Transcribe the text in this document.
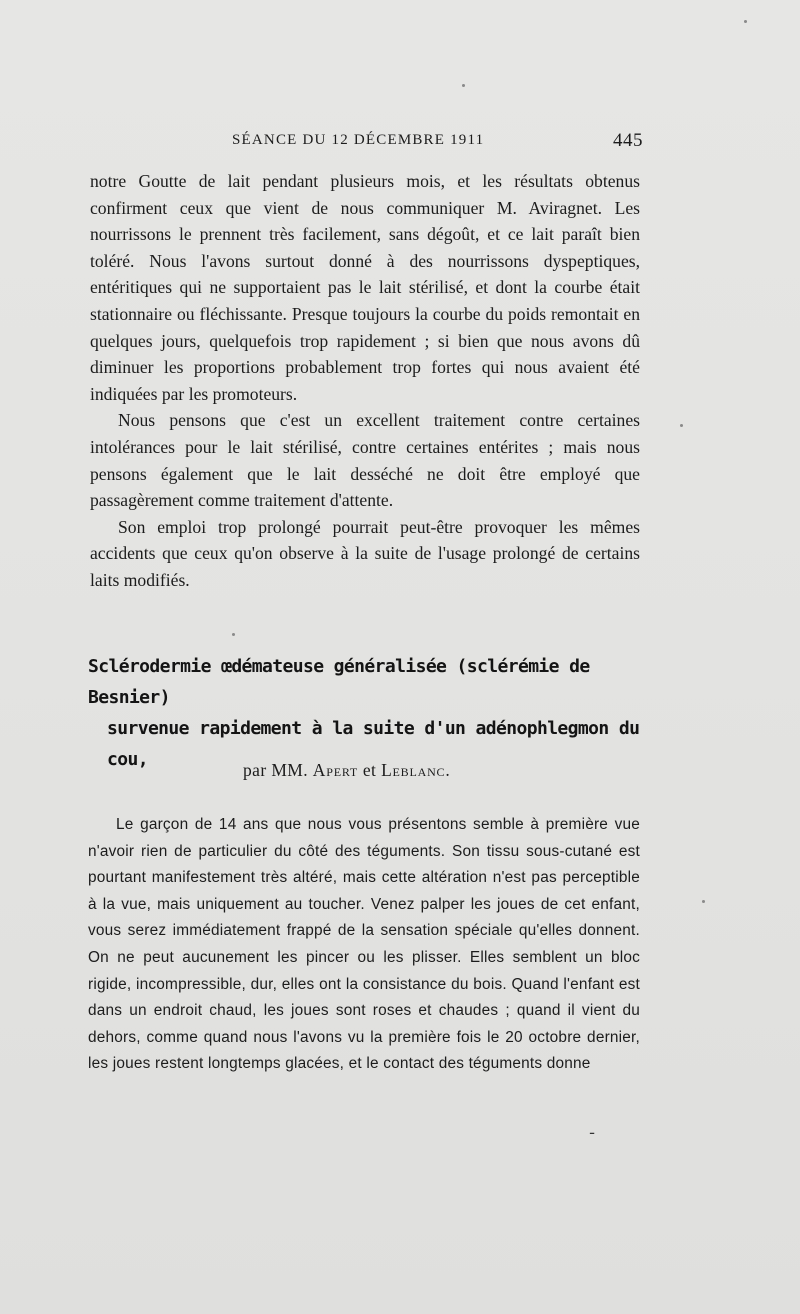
SÉANCE DU 12 DÉCEMBRE 1911	445

notre Goutte de lait pendant plusieurs mois, et les résultats obtenus confirment ceux que vient de nous communiquer M. Aviragnet. Les nourrissons le prennent très facilement, sans dégoût, et ce lait paraît bien toléré. Nous l'avons surtout donné à des nourrissons dyspeptiques, entéritiques qui ne supportaient pas le lait stérilisé, et dont la courbe était stationnaire ou fléchissante. Presque toujours la courbe du poids remontait en quelques jours, quelquefois trop rapidement ; si bien que nous avons dû diminuer les proportions probablement trop fortes qui nous avaient été indiquées par les promoteurs.

Nous pensons que c'est un excellent traitement contre certaines intolérances pour le lait stérilisé, contre certaines entérites ; mais nous pensons également que le lait desséché ne doit être employé que passagèrement comme traitement d'attente.

Son emploi trop prolongé pourrait peut-être provoquer les mêmes accidents que ceux qu'on observe à la suite de l'usage prolongé de certains laits modifiés.

Sclérodermie œdémateuse généralisée (sclérémie de Besnier)
survenue rapidement à la suite d'un adénophlegmon du
cou,	par MM. Apert et Leblanc.
Le garçon de 14 ans que nous vous présentons semble à première vue n'avoir rien de particulier du côté des téguments. Son tissu sous-cutané est pourtant manifestement très altéré, mais cette altération n'est pas perceptible à la vue, mais uniquement au toucher. Venez palper les joues de cet enfant, vous serez immédiatement frappé de la sensation spéciale qu'elles donnent. On ne peut aucunement les pincer ou les plisser. Elles semblent un bloc rigide, incompressible, dur, elles ont la consistance du bois. Quand l'enfant est dans un endroit chaud, les joues sont roses et chaudes ; quand il vient du dehors, comme quand nous l'avons vu la première fois le 20 octobre dernier, les joues restent longtemps glacées, et le contact des téguments donne
ـ
